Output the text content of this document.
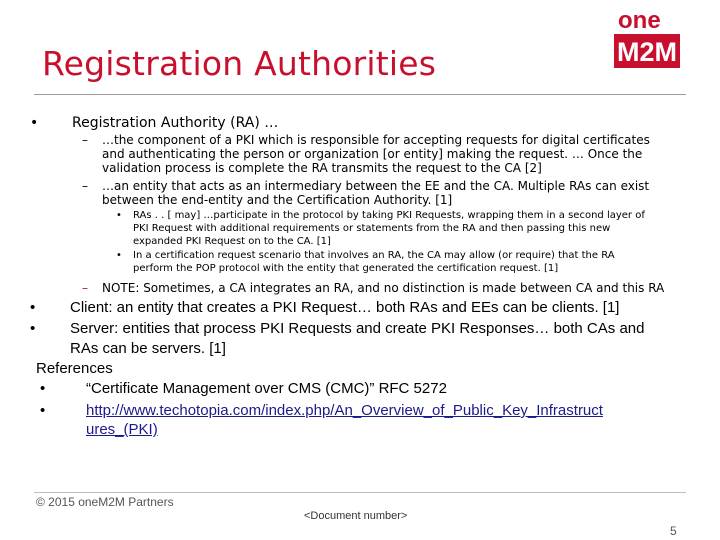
Registration Authorities
one
M2M
• Registration Authority (RA) …
– …the component of a PKI which is responsible for accepting requests for digital certificates
and authenticating the person or organization [or entity] making the request. … Once the
validation process is complete the RA transmits the request to the CA [2]
– …an entity that acts as an intermediary between the EE and the CA. Multiple RAs can exist
between the end-entity and the Certification Authority. [1]
• RAs . . [ may] …participate in the protocol by taking PKI Requests, wrapping them in a second layer of
PKI Request with additional requirements or statements from the RA and then passing this new
expanded PKI Request on to the CA. [1]
• In a certification request scenario that involves an RA, the CA may allow (or require) that the RA
perform the POP protocol with the entity that generated the certification request. [1]
– NOTE: Sometimes, a CA integrates an RA, and no distinction is made between CA and this RA
• Client: an entity that creates a PKI Request… both RAs and EEs can be clients. [1]
• Server: entities that process PKI Requests and create PKI Responses… both CAs and
RAs can be servers. [1]
References
•	“Certificate Management over CMS (CMC)” RFC 5272
•	http://www.techotopia.com/index.php/An_Overview_of_Public_Key_Infrastruct
ures_(PKI)
© 2015 oneM2M Partners
<Document number>
5
